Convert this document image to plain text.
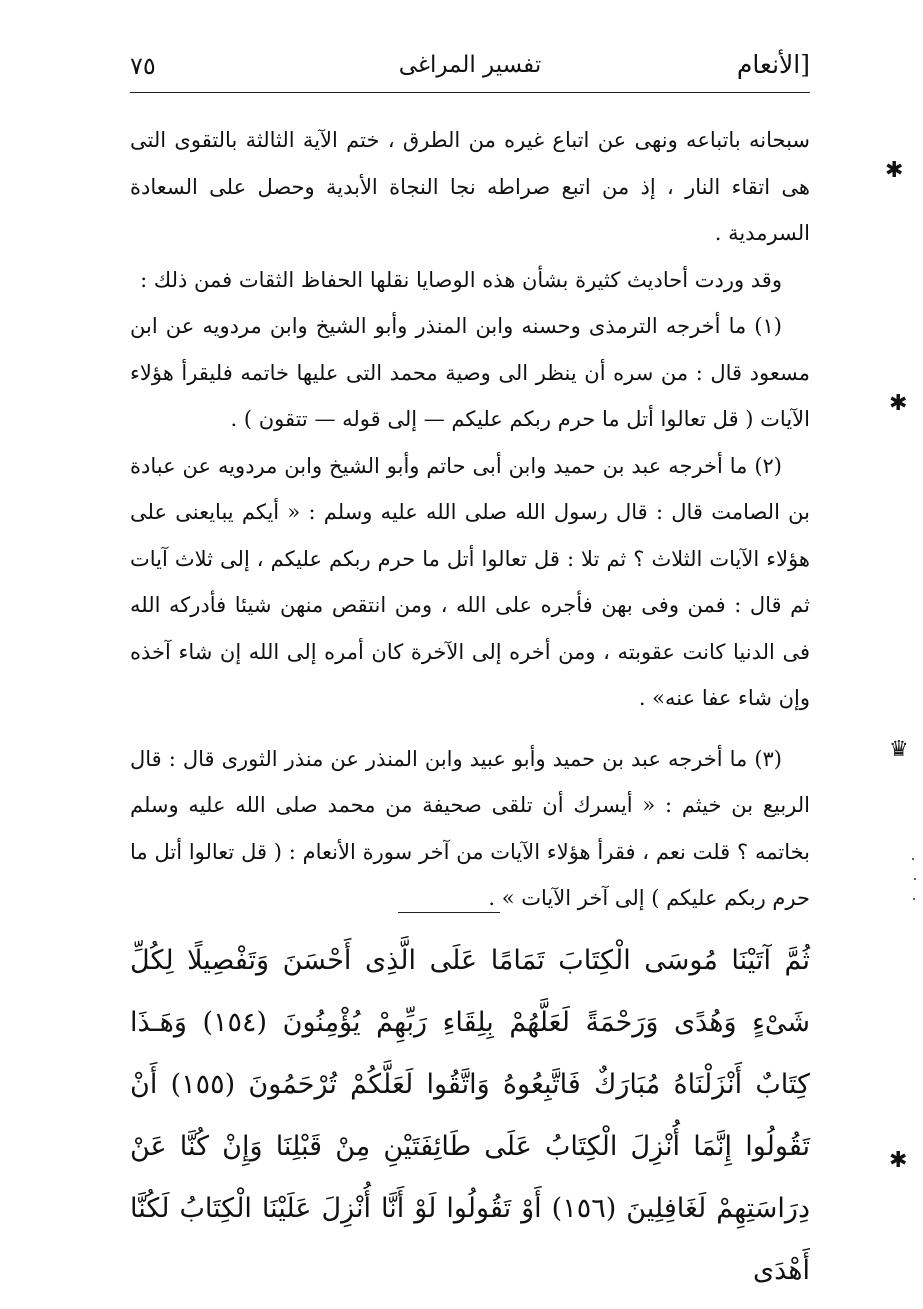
[الأنعام
تفسير المراغى
٧٥

سبحانه باتباعه ونهى عن اتباع غيره من الطرق ، ختم الآية الثالثة بالتقوى التى هى اتقاء النار ، إذ من اتبع صراطه نجا النجاة الأبدية وحصل على السعادة السرمدية .

وقد وردت أحاديث كثيرة بشأن هذه الوصايا نقلها الحفاظ الثقات فمن ذلك :

(١) ما أخرجه الترمذى وحسنه وابن المنذر وأبو الشيخ وابن مردويه عن ابن مسعود قال : من سره أن ينظر الى وصية محمد التى عليها خاتمه فليقرأ هؤلاء الآيات ( قل تعالوا أتل ما حرم ربكم عليكم — إلى قوله — تتقون ) .

(٢) ما أخرجه عبد بن حميد وابن أبى حاتم وأبو الشيخ وابن مردويه عن عبادة بن الصامت قال : قال رسول الله صلى الله عليه وسلم : « أيكم يبايعنى على هؤلاء الآيات الثلاث ؟ ثم تلا : قل تعالوا أتل ما حرم ربكم عليكم ، إلى ثلاث آيات ثم قال : فمن وفى بهن فأجره على الله ، ومن انتقص منهن شيئا فأدركه الله فى الدنيا كانت عقوبته ، ومن أخره إلى الآخرة كان أمره إلى الله إن شاء آخذه وإن شاء عفا عنه» .

(٣) ما أخرجه عبد بن حميد وأبو عبيد وابن المنذر عن منذر الثورى قال : قال الربيع بن خيثم : « أيسرك أن تلقى صحيفة من محمد صلى الله عليه وسلم بخاتمه ؟ قلت نعم ، فقرأ هؤلاء الآيات من آخر سورة الأنعام : ( قل تعالوا أتل ما حرم ربكم عليكم ) إلى آخر الآيات » .

ثُمَّ آتَيْنَا مُوسَى الْكِتَابَ تَمَامًا عَلَى الَّذِى أَحْسَنَ وَتَفْصِيلًا لِكُلِّ شَىْءٍ وَهُدًى وَرَحْمَةً لَعَلَّهُمْ بِلِقَاءِ رَبِّهِمْ يُؤْمِنُونَ (١٥٤) وَهَـذَا كِتَابٌ أَنْزَلْنَاهُ مُبَارَكٌ فَاتَّبِعُوهُ وَاتَّقُوا لَعَلَّكُمْ تُرْحَمُونَ (١٥٥) أَنْ تَقُولُوا إِنَّمَا أُنْزِلَ الْكِتَابُ عَلَى طَائِفَتَيْنِ مِنْ قَبْلِنَا وَإِنْ كُنَّا عَنْ دِرَاسَتِهِمْ لَغَافِلِينَ (١٥٦) أَوْ تَقُولُوا لَوْ أَنَّا أُنْزِلَ عَلَيْنَا الْكِتَابُ لَكُنَّا أَهْدَى

✱
✱
♛
✱
